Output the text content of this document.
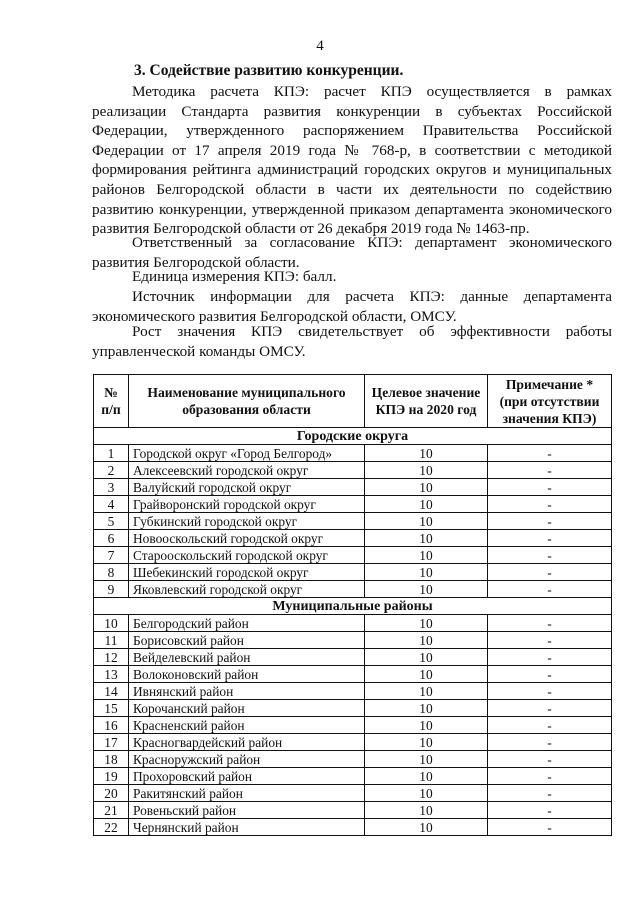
4
3. Содействие развитию конкуренции.

Методика расчета КПЭ: расчет КПЭ осуществляется в рамках реализации Стандарта развития конкуренции в субъектах Российской Федерации, утвержденного распоряжением Правительства Российской Федерации от 17 апреля 2019 года № 768-р, в соответствии с методикой формирования рейтинга администраций городских округов и муниципальных районов Белгородской области в части их деятельности по содействию развитию конкуренции, утвержденной приказом департамента экономического развития Белгородской области от 26 декабря 2019 года № 1463-пр.

Ответственный за согласование КПЭ: департамент экономического развития Белгородской области.

Единица измерения КПЭ: балл.

Источник информации для расчета КПЭ: данные департамента экономического развития Белгородской области, ОМСУ.

Рост значения КПЭ свидетельствует об эффективности работы управленческой команды ОМСУ.

№ п/п	Наименование муниципального образования области	Целевое значение КПЭ на 2020 год	Примечание * (при отсутствии значения КПЭ)
Городские округа			
1	Городской округ «Город Белгород»	10	-
2	Алексеевский городской округ	10	-
3	Валуйский городской округ	10	-
4	Грайворонский городской округ	10	-
5	Губкинский городской округ	10	-
6	Новооскольский городской округ	10	-
7	Старооскольский городской округ	10	-
8	Шебекинский городской округ	10	-
9	Яковлевский городской округ	10	-
Муниципальные районы			
10	Белгородский район	10	-
11	Борисовский район	10	-
12	Вейделевский район	10	-
13	Волоконовский район	10	-
14	Ивнянский район	10	-
15	Корочанский район	10	-
16	Красненский район	10	-
17	Красногвардейский район	10	-
18	Красноружский район	10	-
19	Прохоровский район	10	-
20	Ракитянский район	10	-
21	Ровеньский район	10	-
22	Чернянский район	10	-
